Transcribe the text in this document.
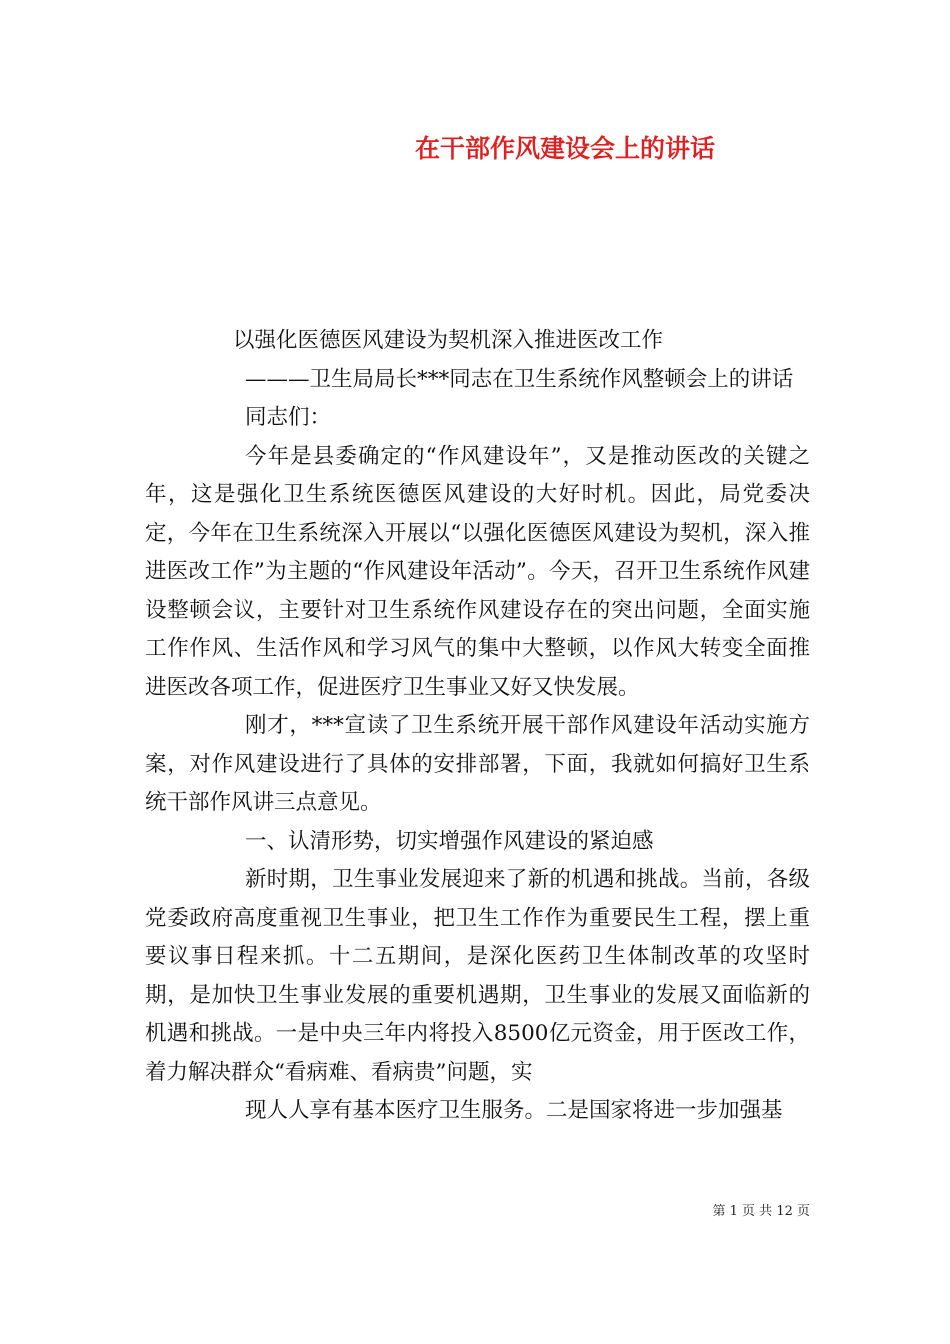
在干部作风建设会上的讲话

以强化医德医风建设为契机深入推进医改工作

———卫生局局长***同志在卫生系统作风整顿会上的讲话

同志们：

今年是县委确定的“作风建设年”，又是推动医改的关键之年，这是强化卫生系统医德医风建设的大好时机。因此，局党委决定，今年在卫生系统深入开展以“以强化医德医风建设为契机，深入推进医改工作”为主题的“作风建设年活动”。今天，召开卫生系统作风建设整顿会议，主要针对卫生系统作风建设存在的突出问题，全面实施工作作风、生活作风和学习风气的集中大整顿，以作风大转变全面推进医改各项工作，促进医疗卫生事业又好又快发展。

刚才，***宣读了卫生系统开展干部作风建设年活动实施方案，对作风建设进行了具体的安排部署，下面，我就如何搞好卫生系统干部作风讲三点意见。

一、认清形势，切实增强作风建设的紧迫感

新时期，卫生事业发展迎来了新的机遇和挑战。当前，各级党委政府高度重视卫生事业，把卫生工作作为重要民生工程，摆上重要议事日程来抓。十二五期间，是深化医药卫生体制改革的攻坚时期，是加快卫生事业发展的重要机遇期，卫生事业的发展又面临新的机遇和挑战。一是中央三年内将投入8500亿元资金，用于医改工作，着力解决群众“看病难、看病贵”问题，实

现人人享有基本医疗卫生服务。二是国家将进一步加强基

第 1 页 共 12 页
